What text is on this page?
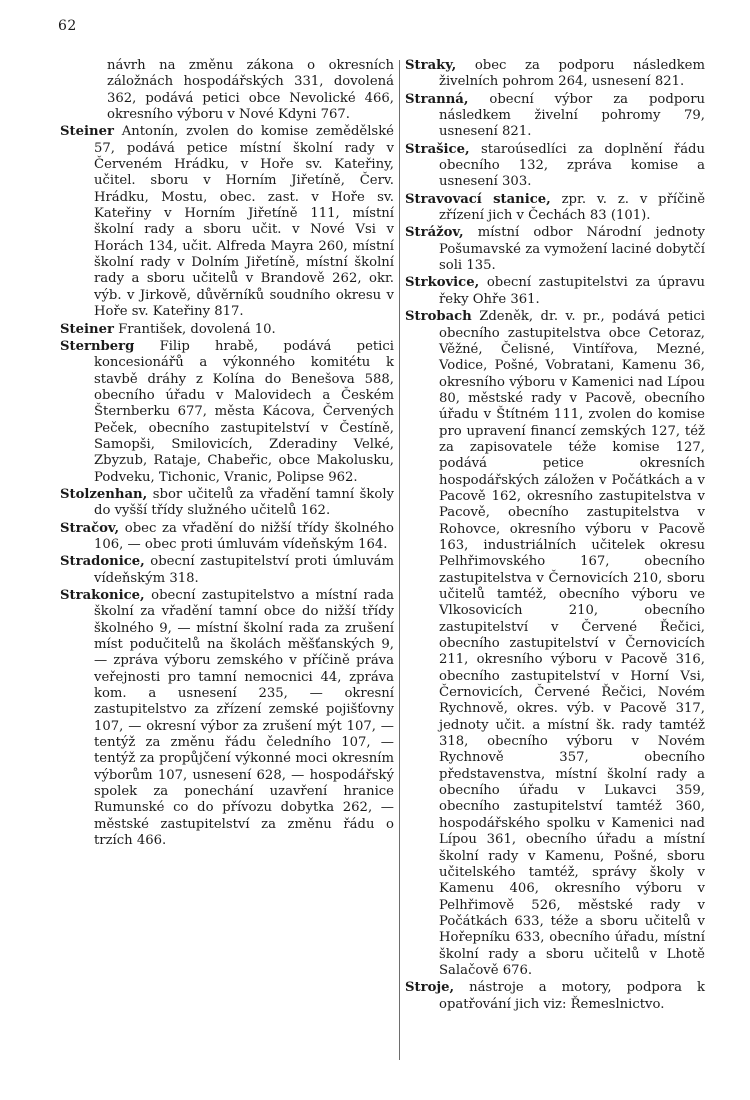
62

návrh na změnu zákona o okresních záložnách hospodářských 331, dovolená 362, podává petici obce Nevolické 466, okresního výboru v Nové Kdyni 767.

Steiner Antonín, zvolen do komise zemědělské 57, podává petice místní školní rady v Červeném Hrádku, v Hoře sv. Kateřiny, učitel. sboru v Horním Jiřetíně, Červ. Hrádku, Mostu, obec. zast. v Hoře sv. Kateřiny v Horním Jiřetíně 111, místní školní rady a sboru učit. v Nové Vsi v Horách 134, učit. Alfreda Mayra 260, místní školní rady v Dolním Jiřetíně, místní školní rady a sboru učitelů v Brandově 262, okr. výb. v Jirkově, důvěrníků soudního okresu v Hoře sv. Kateřiny 817.

Steiner František, dovolená 10.

Sternberg Filip hrabě, podává petici koncesionářů a výkonného komitétu k stavbě dráhy z Kolína do Benešova 588, obecního úřadu v Malovidech a Českém Šternberku 677, města Kácova, Červených Peček, obecního zastupitelství v Čestíně, Samopši, Smilovicích, Zderadiny Velké, Zbyzub, Rataje, Chabeřic, obce Makolusku, Podveku, Tichonic, Vranic, Polipse 962.

Stolzenhan, sbor učitelů za vřadění tamní školy do vyšší třídy služného učitelů 162.

Stračov, obec za vřadění do nižší třídy školného 106, — obec proti úmluvám vídeňským 164.

Stradonice, obecní zastupitelství proti úmluvám vídeňským 318.

Strakonice, obecní zastupitelstvo a místní rada školní za vřadění tamní obce do nižší třídy školného 9, — místní školní rada za zrušení míst podučitelů na školách měšťanských 9, — zpráva výboru zemského v příčině práva veřejnosti pro tamní nemocnici 44, zpráva kom. a usnesení 235, — okresní zastupitelstvo za zřízení zemské pojišťovny 107, — okresní výbor za zrušení mýt 107, — tentýž za změnu řádu čeledního 107, — tentýž za propůjčení výkonné moci okresním výborům 107, usnesení 628, — hospodářský spolek za ponechání uzavření hranice Rumunské co do přívozu dobytka 262, — městské zastupitelství za změnu řádu o trzích 466.

Straky, obec za podporu následkem živelních pohrom 264, usnesení 821.

Stranná, obecní výbor za podporu následkem živelní pohromy 79, usnesení 821.

Strašice, staroúsedlíci za doplnění řádu obecního 132, zpráva komise a usnesení 303.

Stravovací stanice, zpr. v. z. v příčině zřízení jich v Čechách 83 (101).

Strážov, místní odbor Národní jednoty Pošumavské za vymožení laciné dobytčí soli 135.

Strkovice, obecní zastupitelstvi za úpravu řeky Ohře 361.

Strobach Zdeněk, dr. v. pr., podává petici obecního zastupitelstva obce Cetoraz, Věžné, Čelisné, Vintířova, Mezné, Vodice, Pošné, Vobratani, Kamenu 36, okresního výboru v Kamenici nad Lípou 80, městské rady v Pacově, obecního úřadu v Štítném 111, zvolen do komise pro upravení financí zemských 127, též za zapisovatele téže komise 127, podává petice okresních hospodářských záložen v Počátkách a v Pacově 162, okresního zastupitelstva v Pacově, obecního zastupitelstva v Rohovce, okresního výboru v Pacově 163, industriálních učitelek okresu Pelhřimovského 167, obecního zastupitelstva v Černovicích 210, sboru učitelů tamtéž, obecního výboru ve Vlkosovicích 210, obecního zastupitelství v Červené Řečici, obecního zastupitelství v Černovicích 211, okresního výboru v Pacově 316, obecního zastupitelství v Horní Vsi, Černovicích, Červené Řečici, Novém Rychnově, okres. výb. v Pacově 317, jednoty učit. a místní šk. rady tamtéž 318, obecního výboru v Novém Rychnově 357, obecního představenstva, místní školní rady a obecního úřadu v Lukavci 359, obecního zastupitelství tamtéž 360, hospodářského spolku v Kamenici nad Lípou 361, obecního úřadu a místní školní rady v Kamenu, Pošné, sboru učitelského tamtéž, správy školy v Kamenu 406, okresního výboru v Pelhřimově 526, městské rady v Počátkách 633, téže a sboru učitelů v Hořepníku 633, obecního úřadu, místní školní rady a sboru učitelů v Lhotě Salačově 676.

Stroje, nástroje a motory, podpora k opatřování jich viz: Řemeslnictvo.
